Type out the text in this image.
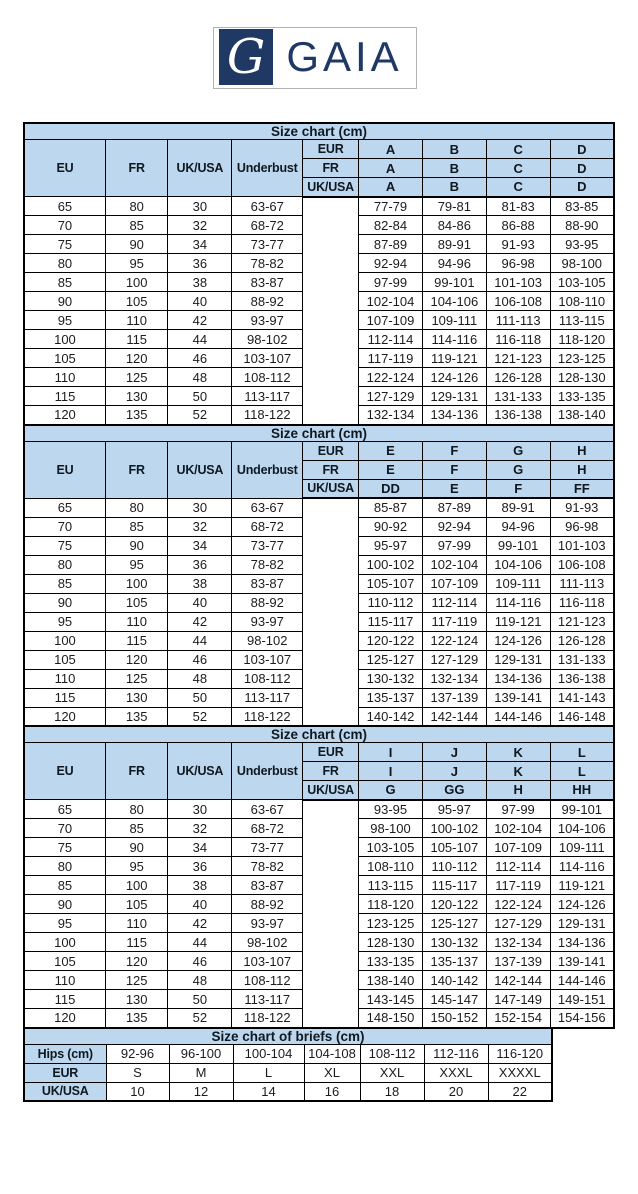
G GAIA
Size chart (cm)								
EU	FR	UK/USA	Underbust	EUR	A	B	C	D
				FR	A	B	C	D
				UK/USA	A	B	C	D
65	80	30	63-67		77-79	79-81	81-83	83-85
70	85	32	68-72		82-84	84-86	86-88	88-90
75	90	34	73-77		87-89	89-91	91-93	93-95
80	95	36	78-82		92-94	94-96	96-98	98-100
85	100	38	83-87		97-99	99-101	101-103	103-105
90	105	40	88-92		102-104	104-106	106-108	108-110
95	110	42	93-97		107-109	109-111	111-113	113-115
100	115	44	98-102		112-114	114-116	116-118	118-120
105	120	46	103-107		117-119	119-121	121-123	123-125
110	125	48	108-112		122-124	124-126	126-128	128-130
115	130	50	113-117		127-129	129-131	131-133	133-135
120	135	52	118-122		132-134	134-136	136-138	138-140
Size chart (cm)								
EU	FR	UK/USA	Underbust	EUR	E	F	G	H
				FR	E	F	G	H
				UK/USA	DD	E	F	FF
65	80	30	63-67		85-87	87-89	89-91	91-93
70	85	32	68-72		90-92	92-94	94-96	96-98
75	90	34	73-77		95-97	97-99	99-101	101-103
80	95	36	78-82		100-102	102-104	104-106	106-108
85	100	38	83-87		105-107	107-109	109-111	111-113
90	105	40	88-92		110-112	112-114	114-116	116-118
95	110	42	93-97		115-117	117-119	119-121	121-123
100	115	44	98-102		120-122	122-124	124-126	126-128
105	120	46	103-107		125-127	127-129	129-131	131-133
110	125	48	108-112		130-132	132-134	134-136	136-138
115	130	50	113-117		135-137	137-139	139-141	141-143
120	135	52	118-122		140-142	142-144	144-146	146-148
Size chart (cm)								
EU	FR	UK/USA	Underbust	EUR	I	J	K	L
				FR	I	J	K	L
				UK/USA	G	GG	H	HH
65	80	30	63-67		93-95	95-97	97-99	99-101
70	85	32	68-72		98-100	100-102	102-104	104-106
75	90	34	73-77		103-105	105-107	107-109	109-111
80	95	36	78-82		108-110	110-112	112-114	114-116
85	100	38	83-87		113-115	115-117	117-119	119-121
90	105	40	88-92		118-120	120-122	122-124	124-126
95	110	42	93-97		123-125	125-127	127-129	129-131
100	115	44	98-102		128-130	130-132	132-134	134-136
105	120	46	103-107		133-135	135-137	137-139	139-141
110	125	48	108-112		138-140	140-142	142-144	144-146
115	130	50	113-117		143-145	145-147	147-149	149-151
120	135	52	118-122		148-150	150-152	152-154	154-156
Size chart of briefs (cm)							
Hips (cm)	92-96	96-100	100-104	104-108	108-112	112-116	116-120
EUR	S	M	L	XL	XXL	XXXL	XXXXL
UK/USA	10	12	14	16	18	20	22
